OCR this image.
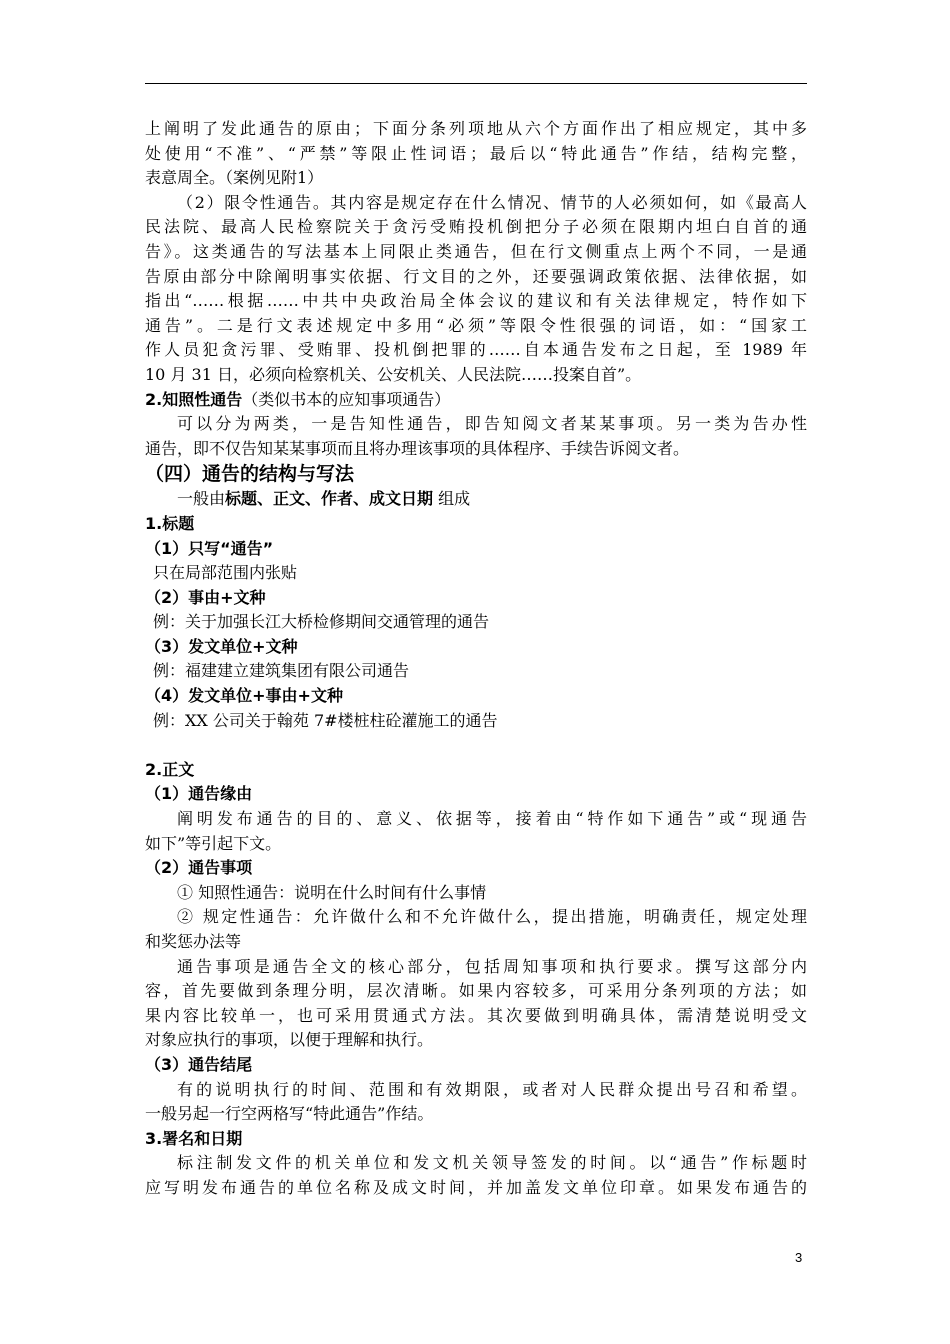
上阐明了发此通告的原由；下面分条列项地从六个方面作出了相应规定，其中多
处使用“不准”、“严禁”等限止性词语；最后以“特此通告”作结，结构完整，
表意周全。（案例见附1）
（2）限令性通告。其内容是规定存在什么情况、情节的人必须如何，如《最高人
民法院、最高人民检察院关于贪污受贿投机倒把分子必须在限期内坦白自首的通
告》。这类通告的写法基本上同限止类通告，但在行文侧重点上两个不同，一是通
告原由部分中除阐明事实依据、行文目的之外，还要强调政策依据、法律依据，如
指出“……根据……中共中央政治局全体会议的建议和有关法律规定，特作如下
通告”。二是行文表述规定中多用“必须”等限令性很强的词语，如：“国家工
作人员犯贪污罪、受贿罪、投机倒把罪的……自本通告发布之日起，至 1989 年
10 月 31 日，必须向检察机关、公安机关、人民法院……投案自首”。
2.知照性通告（类似书本的应知事项通告）
可以分为两类，一是告知性通告，即告知阅文者某某事项。另一类为告办性
通告，即不仅告知某某事项而且将办理该事项的具体程序、手续告诉阅文者。
（四）通告的结构与写法
一般由标题、正文、作者、成文日期 组成
1.标题
（1）只写“通告”
只在局部范围内张贴
（2）事由+文种
例：关于加强长江大桥检修期间交通管理的通告
（3）发文单位+文种
例：福建建立建筑集团有限公司通告
（4）发文单位+事由+文种
例：XX 公司关于翰苑 7#楼桩柱砼灌施工的通告
2.正文
（1）通告缘由
阐明发布通告的目的、意义、依据等，接着由“特作如下通告”或“现通告
如下”等引起下文。
（2）通告事项
① 知照性通告：说明在什么时间有什么事情
② 规定性通告：允许做什么和不允许做什么，提出措施，明确责任，规定处理
和奖惩办法等
通告事项是通告全文的核心部分，包括周知事项和执行要求。撰写这部分内
容，首先要做到条理分明，层次清晰。如果内容较多，可采用分条列项的方法；如
果内容比较单一，也可采用贯通式方法。其次要做到明确具体，需清楚说明受文
对象应执行的事项，以便于理解和执行。
（3）通告结尾
有的说明执行的时间、范围和有效期限，或者对人民群众提出号召和希望。
一般另起一行空两格写“特此通告”作结。
3.署名和日期
标注制发文件的机关单位和发文机关领导签发的时间。以“通告”作标题时
应写明发布通告的单位名称及成文时间，并加盖发文单位印章。如果发布通告的
3
